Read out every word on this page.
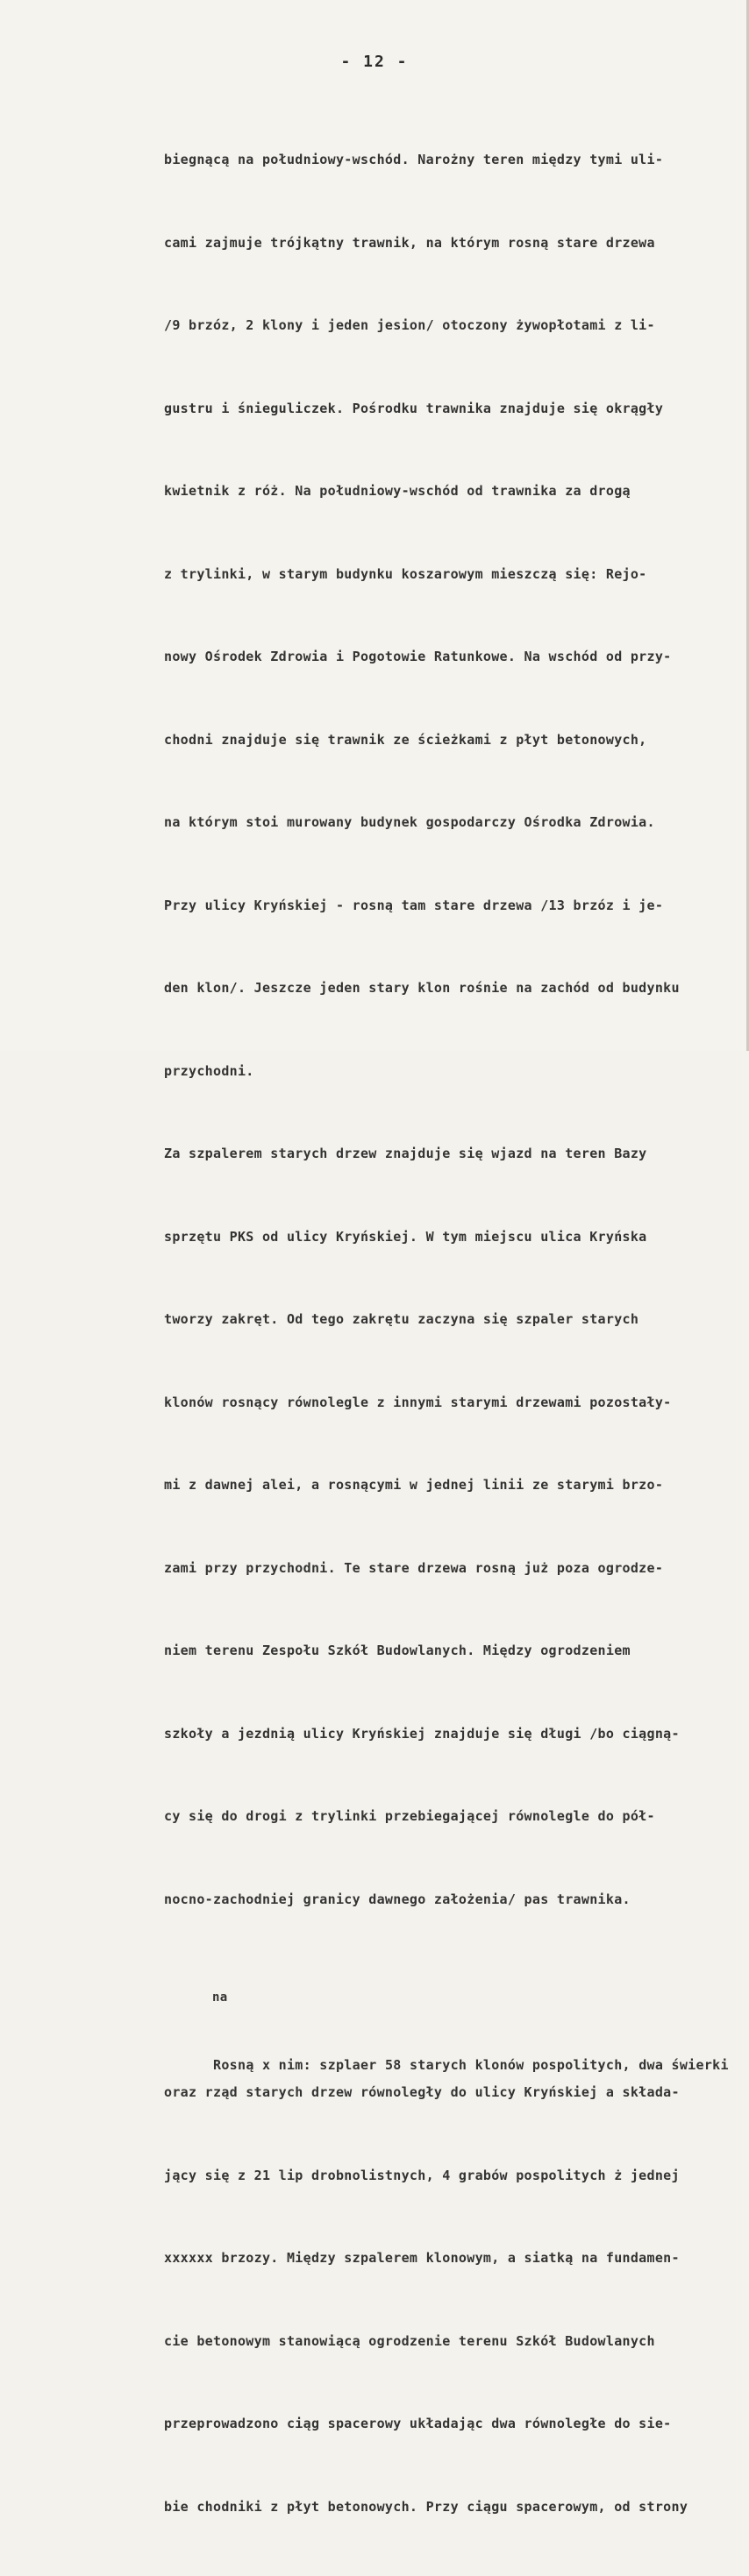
- 12 -

biegnącą na południowy-wschód. Narożny teren między tymi uli-

cami zajmuje trójkątny trawnik, na którym rosną stare drzewa

/9 brzóz, 2 klony i jeden jesion/ otoczony żywopłotami z li-

gustru i śnieguliczek. Pośrodku trawnika znajduje się okrągły

kwietnik z róż. Na południowy-wschód od trawnika za drogą

z trylinki, w starym budynku koszarowym mieszczą się: Rejo-

nowy Ośrodek Zdrowia i Pogotowie Ratunkowe. Na wschód od przy-

chodni znajduje się trawnik ze ścieżkami z płyt betonowych,

na którym stoi murowany budynek gospodarczy Ośrodka Zdrowia.

Przy ulicy Kryńskiej - rosną tam stare drzewa /13 brzóz i je-

den klon/. Jeszcze jeden stary klon rośnie na zachód od budynku

przychodni.

Za szpalerem starych drzew znajduje się wjazd na teren Bazy

sprzętu PKS od ulicy Kryńskiej. W tym miejscu ulica Kryńska

tworzy zakręt. Od tego zakrętu zaczyna się szpaler starych

klonów rosnący równolegle z innymi starymi drzewami pozostały-

mi z dawnej alei, a rosnącymi w jednej linii ze starymi brzo-

zami przy przychodni. Te stare drzewa rosną już poza ogrodze-

niem terenu Zespołu Szkół Budowlanych. Między ogrodzeniem

szkoły a jezdnią ulicy Kryńskiej znajduje się długi /bo ciągną-

cy się do drogi z trylinki przebiegającej równolegle do pół-

nocno-zachodniej granicy dawnego założenia/ pas trawnika.

na

Rosną x nim: szplaer 58 starych klonów pospolitych, dwa świerki

oraz rząd starych drzew równoległy do ulicy Kryńskiej a składa-

jący się z 21 lip drobnolistnych, 4 grabów pospolitych ż jednej

xxxxxx brzozy. Między szpalerem klonowym, a siatką na fundamen-

cie betonowym stanowiącą ogrodzenie terenu Szkół Budowlanych

przeprowadzono ciąg spacerowy układając dwa równoległe do sie-

bie chodniki z płyt betonowych. Przy ciągu spacerowym, od strony
